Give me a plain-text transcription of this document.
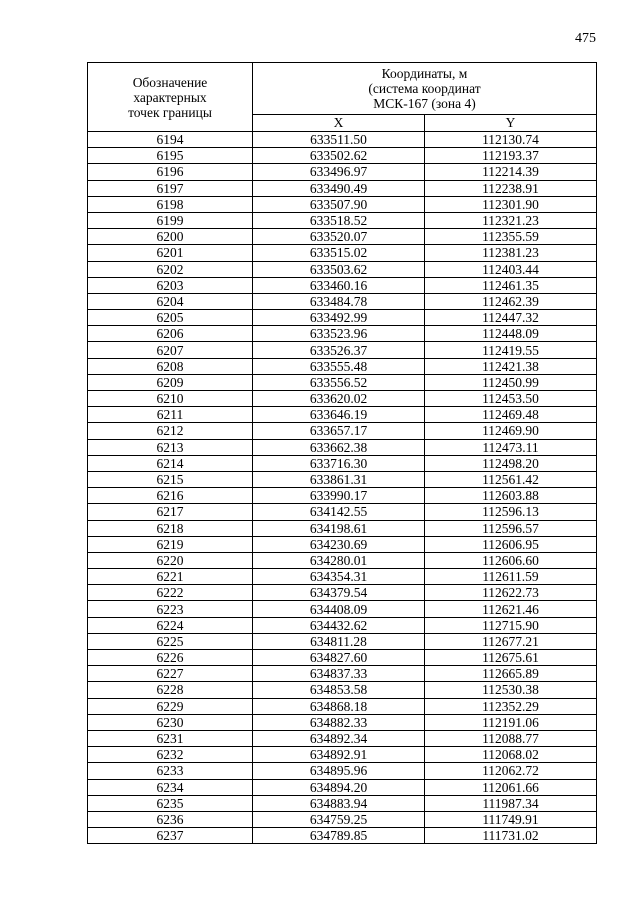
475
Обозначение
характерных
точек границы	Координаты, м
(система координат
МСК-167 (зона 4)	

	X	Y
6194	633511.50	112130.74
6195	633502.62	112193.37
6196	633496.97	112214.39
6197	633490.49	112238.91
6198	633507.90	112301.90
6199	633518.52	112321.23
6200	633520.07	112355.59
6201	633515.02	112381.23
6202	633503.62	112403.44
6203	633460.16	112461.35
6204	633484.78	112462.39
6205	633492.99	112447.32
6206	633523.96	112448.09
6207	633526.37	112419.55
6208	633555.48	112421.38
6209	633556.52	112450.99
6210	633620.02	112453.50
6211	633646.19	112469.48
6212	633657.17	112469.90
6213	633662.38	112473.11
6214	633716.30	112498.20
6215	633861.31	112561.42
6216	633990.17	112603.88
6217	634142.55	112596.13
6218	634198.61	112596.57
6219	634230.69	112606.95
6220	634280.01	112606.60
6221	634354.31	112611.59
6222	634379.54	112622.73
6223	634408.09	112621.46
6224	634432.62	112715.90
6225	634811.28	112677.21
6226	634827.60	112675.61
6227	634837.33	112665.89
6228	634853.58	112530.38
6229	634868.18	112352.29
6230	634882.33	112191.06
6231	634892.34	112088.77
6232	634892.91	112068.02
6233	634895.96	112062.72
6234	634894.20	112061.66
6235	634883.94	111987.34
6236	634759.25	111749.91
6237	634789.85	111731.02
